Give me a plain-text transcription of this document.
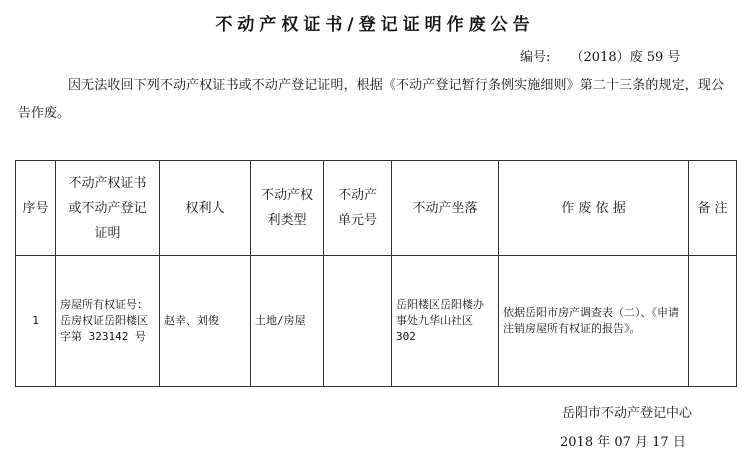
不动产权证书/登记证明作废公告
编号: （2018）废 59 号
因无法收回下列不动产权证书或不动产登记证明，根据《不动产登记暂行条例实施细则》第二十三条的规定，现公告作废。
序号	不动产权证书或不动产登记证明	权利人	不动产权利类型	不动产单元号	不动产坐落	作 废 依 据	备 注
1	房屋所有权证号：岳房权证岳阳楼区字第 323142 号	赵幸、刘俊	土地/房屋		岳阳楼区岳阳楼办事处九华山社区 302	依据岳阳市房产调查表（二）、《申请注销房屋所有权证的报告》。	
岳阳市不动产登记中心
2018 年 07 月 17 日
